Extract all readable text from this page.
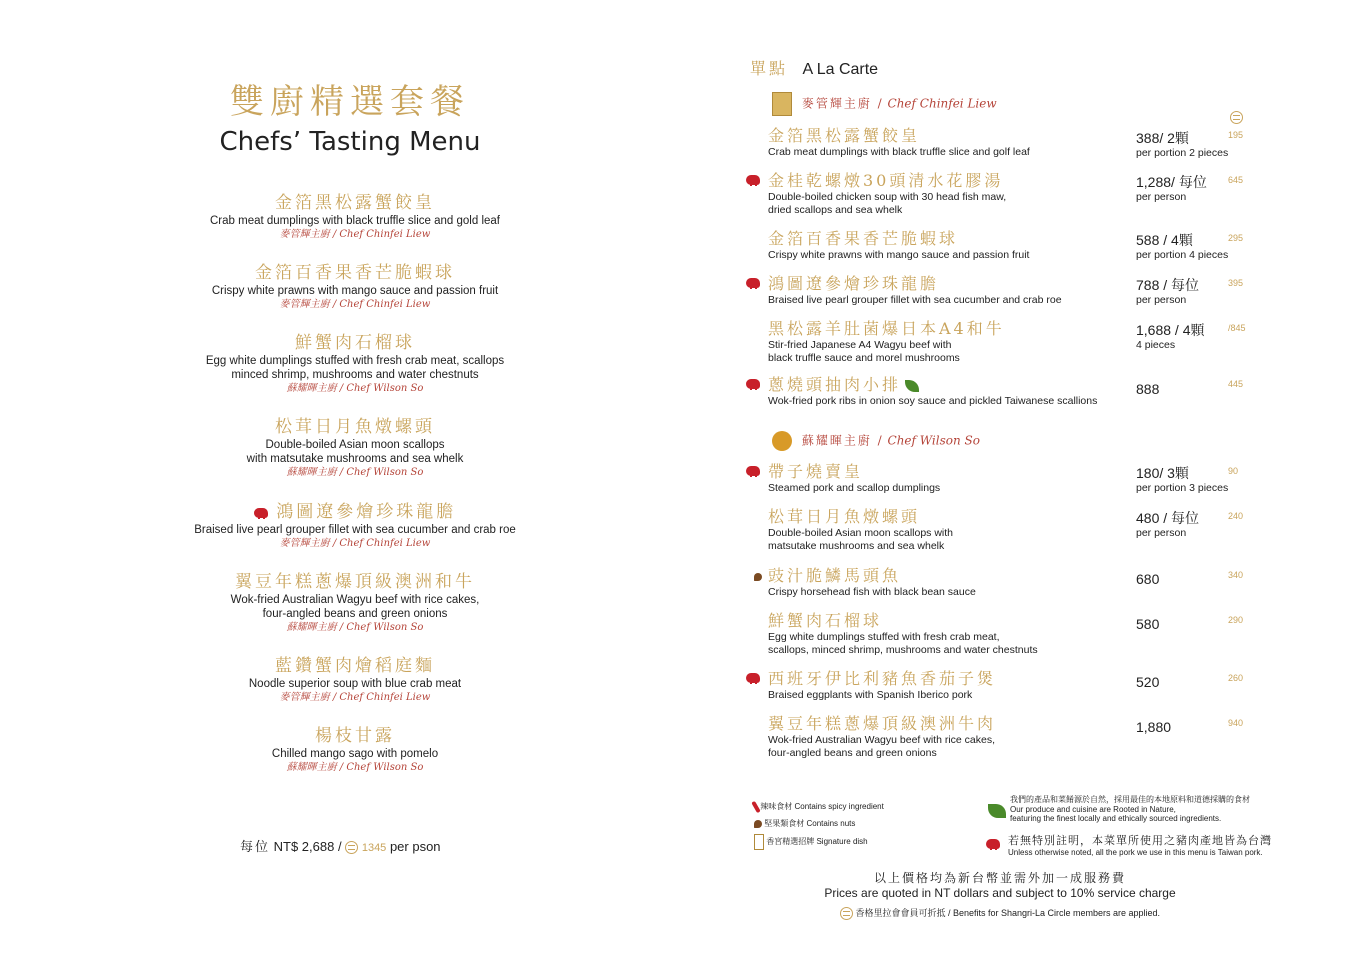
雙廚精選套餐
Chefs’ Tasting Menu
金箔黑松露蟹餃皇
Crab meat dumplings with black truffle slice and gold leaf
麥管輝主廚 / Chef Chinfei Liew
金箔百香果香芒脆蝦球
Crispy white prawns with mango sauce and passion fruit
麥管輝主廚 / Chef Chinfei Liew
鮮蟹肉石榴球
Egg white dumplings stuffed with fresh crab meat, scallops
minced shrimp, mushrooms and water chestnuts
蘇耀暉主廚 / Chef Wilson So
松茸日月魚燉螺頭
Double-boiled Asian moon scallops
with matsutake mushrooms and sea whelk
蘇耀暉主廚 / Chef Wilson So
鴻圖遼參燴珍珠龍膽
Braised live pearl grouper fillet with sea cucumber and crab roe
麥管輝主廚 / Chef Chinfei Liew
翼豆年糕蔥爆頂級澳洲和牛
Wok-fried Australian Wagyu beef with rice cakes,
four-angled beans and green onions
蘇耀暉主廚 / Chef Wilson So
藍鑽蟹肉燴稻庭麵
Noodle superior soup with blue crab meat
麥管輝主廚 / Chef Chinfei Liew
楊枝甘露
Chilled mango sago with pomelo
蘇耀暉主廚 / Chef Wilson So
每位 NT$ 2,688 / 1345 per pson
單點 A La Carte
麥管輝主廚 / Chef Chinfei Liew
金箔黑松露蟹餃皇
Crab meat dumplings with black truffle slice and golf leaf
388/ 2顆
per portion 2 pieces
195
金桂乾螺燉30頭清水花膠湯
Double-boiled chicken soup with 30 head fish maw,
dried scallops and sea whelk
1,288/ 每位
per person
645
金箔百香果香芒脆蝦球
Crispy white prawns with mango sauce and passion fruit
588 / 4顆
per portion 4 pieces
295
鴻圖遼參燴珍珠龍膽
Braised live pearl grouper fillet with sea cucumber and crab roe
788 / 每位
per person
395
黑松露羊肚菌爆日本A4和牛
Stir-fried Japanese A4 Wagyu beef with
black truffle sauce and morel mushrooms
1,688 / 4顆
4 pieces
/845
蔥燒頭抽肉小排
Wok-fried pork ribs in onion soy sauce and pickled Taiwanese scallions
888	445
蘇耀暉主廚 / Chef Wilson So
帶子燒賣皇
Steamed pork and scallop dumplings
180/ 3顆
per portion 3 pieces
90
松茸日月魚燉螺頭
Double-boiled Asian moon scallops with
matsutake mushrooms and sea whelk
480 / 每位
per person
240
豉汁脆鱗馬頭魚
Crispy horsehead fish with black bean sauce
680	340
鮮蟹肉石榴球
Egg white dumplings stuffed with fresh crab meat,
scallops, minced shrimp, mushrooms and water chestnuts
580	290
西班牙伊比利豬魚香茄子煲
Braised eggplants with Spanish Iberico pork
520	260
翼豆年糕蔥爆頂級澳洲牛肉
Wok-fried Australian Wagyu beef with rice cakes,
four-angled beans and green onions
1,880	940
辣味食材 Contains spicy ingredient
堅果類食材 Contains nuts
香宮精選招牌 Signature dish
我們的產品和菜餚源於自然，採用最佳的本地原料和道德採購的食材
Our produce and cuisine are Rooted in Nature,
featuring the finest locally and ethically sourced ingredients.
若無特別註明，本菜單所使用之豬肉產地皆為台灣
Unless otherwise noted, all the pork we use in this menu is Taiwan pork.
以上價格均為新台幣並需外加一成服務費
Prices are quoted in NT dollars and subject to 10% service charge
香格里拉會會員可折抵 / Benefits for Shangri-La Circle members are applied.
